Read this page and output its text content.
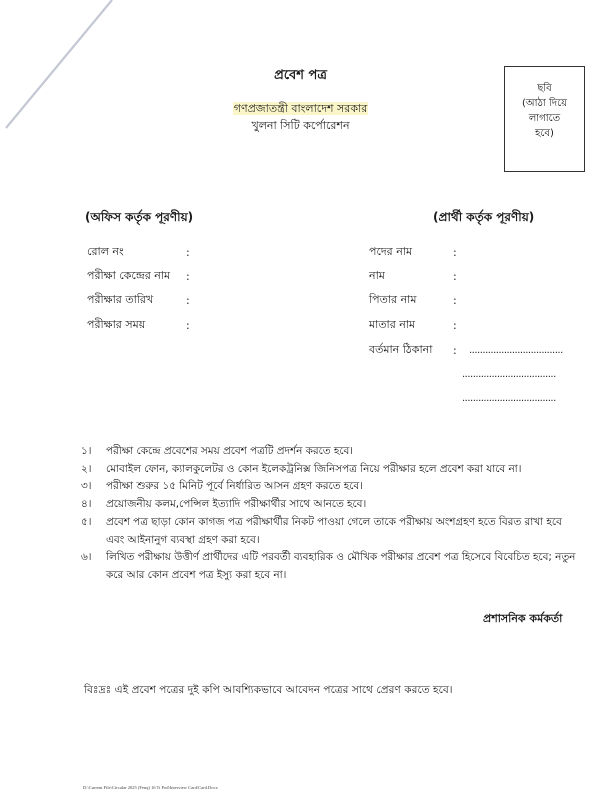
প্রবেশ পত্র
গণপ্রজাতন্ত্রী বাংলাদেশ সরকার
খুলনা সিটি কর্পোরেশন
ছবি
(আঠা দিয়ে লাগাতে
হবে)
(অফিস কর্তৃক পূরণীয়)
রোল নং	:
পরীক্ষা কেন্দ্রের নাম	:
পরীক্ষার তারিখ	:
পরীক্ষার সময়	:
(প্রার্থী কর্তৃক পূরণীয়)
পদের নাম	:
নাম	:
পিতার নাম	:
মাতার নাম	:
বর্তমান ঠিকানা	:	...................................
...................................
...................................
১।	পরীক্ষা কেন্দ্রে প্রবেশের সময় প্রবেশ পত্রটি প্রদর্শন করতে হবে।
২।	মোবাইল ফোন, ক্যালকুলেটর ও কোন ইলেকট্রনিক্স জিনিসপত্র নিয়ে পরীক্ষার হলে প্রবেশ করা যাবে না।
৩।	পরীক্ষা শুরুর ১৫ মিনিট পূর্বে নির্ধারিত আসন গ্রহণ করতে হবে।
৪।	প্রয়োজনীয় কলম,পেন্সিল ইত্যাদি পরীক্ষার্থীর সাথে আনতে হবে।
৫।	প্রবেশ পত্র ছাড়া কোন কাগজ পত্র পরীক্ষার্থীর নিকট পাওয়া গেলে তাকে পরীক্ষায় অংশগ্রহণ হতে বিরত রাখা হবে এবং আইনানুগ ব্যবস্থা গ্রহণ করা হবে।
৬।	লিখিত পরীক্ষায় উত্তীর্ণ প্রার্থীদের এটি পরবর্তী ব্যবহারিক ও মৌখিক পরীক্ষার প্রবেশ পত্র হিসেবে বিবেচিত হবে; নতুন করে আর কোন প্রবেশ পত্র ইস্যু করা হবে না।
প্রশাসনিক কর্মকর্তা
বিঃদ্রঃ এই প্রবেশ পত্রের দুই কপি আবশ্যিকভাবে আবেদন পত্রের সাথে প্রেরণ করতে হবে।
D:\Current File\Circular 2025 (Fenq) 16 Ti Pod\Interview Card\Card.Docx
